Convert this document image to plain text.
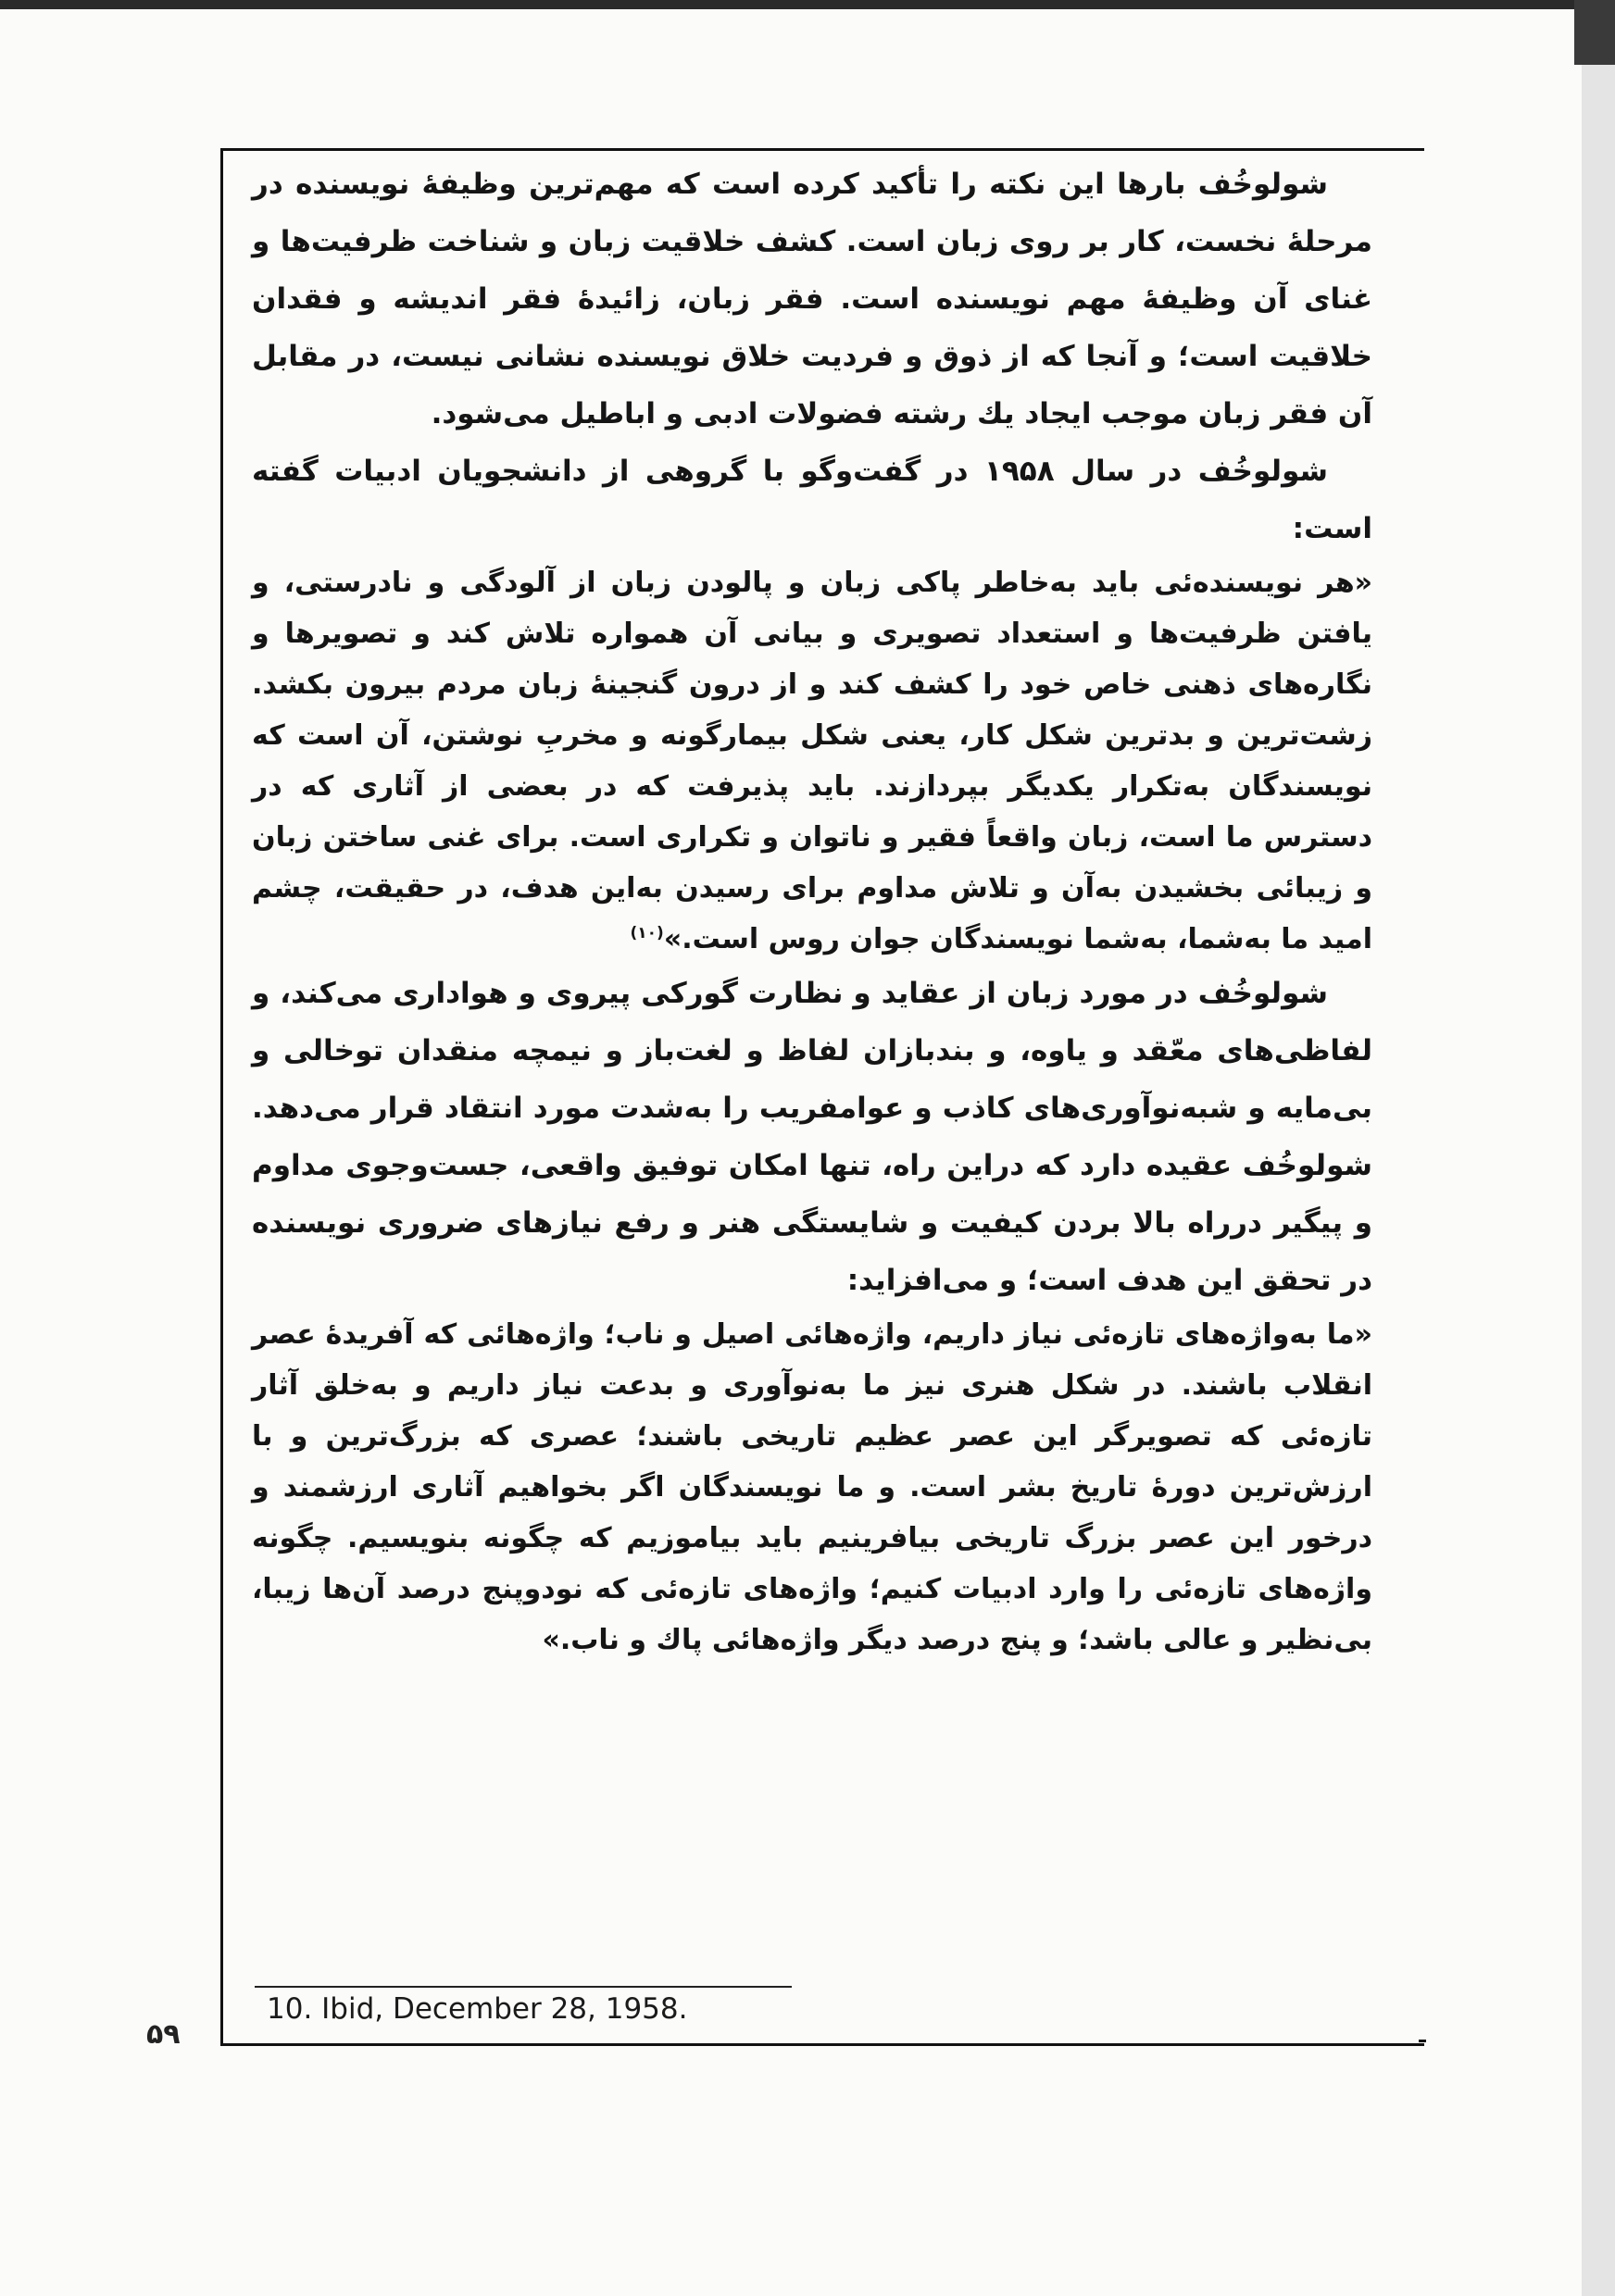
شولوخُف بارها این نکته را تأکید کرده است که مهم‌ترین وظیفهٔ نویسنده در مرحلهٔ نخست، کار بر روی زبان است. کشف خلاقیت زبان و شناخت ظرفیت‌ها و غنای آن وظیفهٔ مهم نویسنده است. فقر زبان، زائیدهٔ فقر اندیشه و فقدان خلاقیت است؛ و آنجا که از ذوق و فردیت خلاق نویسنده نشانی نیست، در مقابل آن فقر زبان موجب ایجاد یك رشته فضولات ادبی و اباطیل می‌شود.

شولوخُف در سال ۱۹۵۸ در گفت‌وگو با گروهی از دانشجویان ادبیات گفته است:

«هر نویسنده‌ئی باید به‌خاطر پاکی زبان و پالودن زبان از آلودگی و نادرستی، و یافتن ظرفیت‌ها و استعداد تصویری و بیانی آن همواره تلاش کند و تصویرها و نگاره‌های ذهنی خاص خود را کشف کند و از درون گنجینهٔ زبان مردم بیرون بکشد. زشت‌ترین و بدترین شکل کار، یعنی شکل بیمارگونه و مخربِ نوشتن، آن است که نویسندگان به‌تکرار یکدیگر بپردازند. باید پذیرفت که در بعضی از آثاری که در دسترس ما است، زبان واقعاً فقیر و ناتوان و تکراری است. برای غنی ساختن زبان و زیبائی بخشیدن به‌آن و تلاش مداوم برای رسیدن به‌این هدف، در حقیقت، چشم امید ما به‌شما، به‌شما نویسندگان جوان روس است.»$^{(۱۰)}$

شولوخُف در مورد زبان از عقاید و نظارت گورکی پیروی و هواداری می‌کند، و لفاظی‌های معّقد و یاوه، و بندبازان لفاظ و لغت‌باز و نیمچه منقدان توخالی و بی‌مایه و شبه‌نوآوری‌های کاذب و عوامفریب را به‌شدت مورد انتقاد قرار می‌دهد. شولوخُف عقیده دارد که دراین راه، تنها امکان توفیق واقعی، جست‌وجوی مداوم و پیگیر درراه بالا بردن کیفیت و شایستگی هنر و رفع نیازهای ضروری نویسنده در تحقق این هدف است؛ و می‌افزاید:

«ما به‌واژه‌های تازه‌ئی نیاز داریم، واژه‌هائی اصیل و ناب؛ واژه‌هائی که آفریدهٔ عصر انقلاب باشند. در شکل هنری نیز ما به‌نوآوری و بدعت نیاز داریم و به‌خلق آثار تازه‌ئی که تصویرگر این عصر عظیم تاریخی باشند؛ عصری که بزرگ‌ترین و با ارزش‌ترین دورهٔ تاریخ بشر است. و ما نویسندگان اگر بخواهیم آثاری ارزشمند و درخور این عصر بزرگ تاریخی بیافرینیم باید بیاموزیم که چگونه بنویسیم. چگونه واژه‌های تازه‌ئی را وارد ادبیات کنیم؛ واژه‌های تازه‌ئی که نودوپنج درصد آن‌ها زیبا، بی‌نظیر و عالی باشد؛ و پنج درصد دیگر واژه‌هائی پاك و ناب.»

10. Ibid, December 28, 1958.
۵۹
